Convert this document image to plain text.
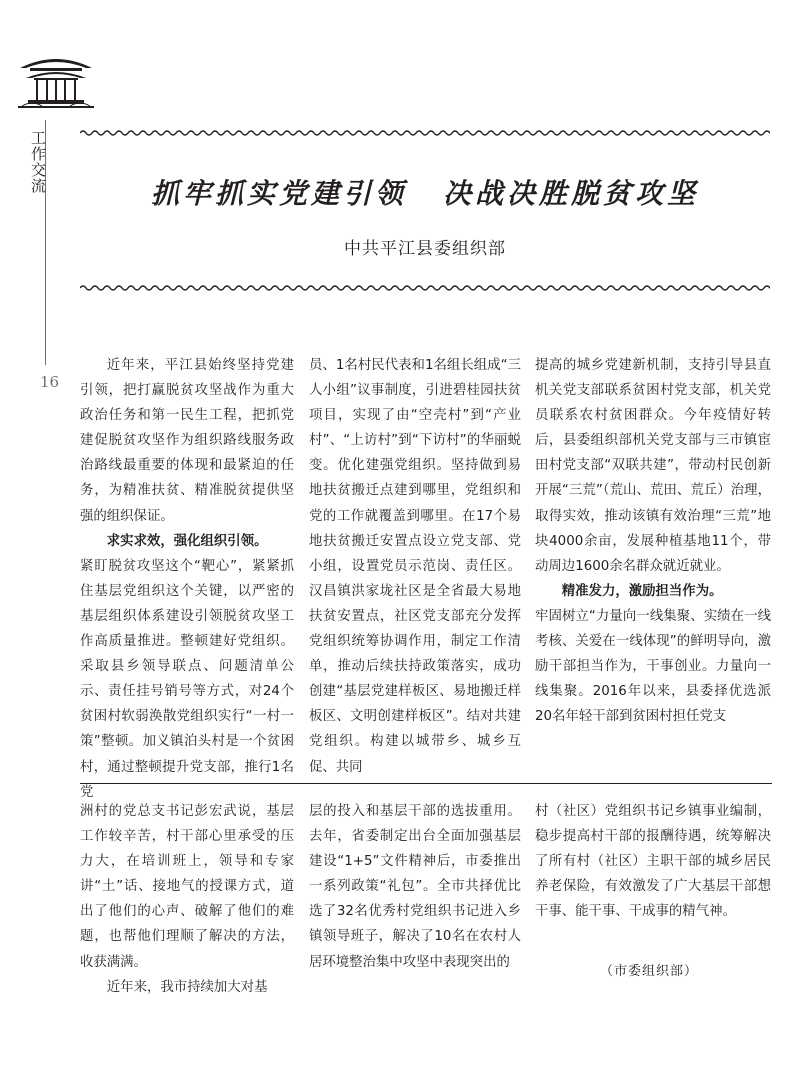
工作交流
16
抓牢抓实党建引领 决战决胜脱贫攻坚
中共平江县委组织部

近年来，平江县始终坚持党建引领，把打赢脱贫攻坚战作为重大政治任务和第一民生工程，把抓党建促脱贫攻坚作为组织路线服务政治路线最重要的体现和最紧迫的任务，为精准扶贫、精准脱贫提供坚强的组织保证。

求实求效，强化组织引领。

紧盯脱贫攻坚这个“靶心”，紧紧抓住基层党组织这个关键，以严密的基层组织体系建设引领脱贫攻坚工作高质量推进。整顿建好党组织。采取县乡领导联点、问题清单公示、责任挂号销号等方式，对24个贫困村软弱涣散党组织实行“一村一策”整顿。加义镇泊头村是一个贫困村，通过整顿提升党支部，推行1名党

员、1名村民代表和1名组长组成“三人小组”议事制度，引进碧桂园扶贫项目，实现了由“空壳村”到“产业村”、“上访村”到“下访村”的华丽蜕变。优化建强党组织。坚持做到易地扶贫搬迁点建到哪里，党组织和党的工作就覆盖到哪里。在17个易地扶贫搬迁安置点设立党支部、党小组，设置党员示范岗、责任区。汉昌镇洪家垅社区是全省最大易地扶贫安置点，社区党支部充分发挥党组织统筹协调作用，制定工作清单，推动后续扶持政策落实，成功创建“基层党建样板区、易地搬迁样板区、文明创建样板区”。结对共建党组织。构建以城带乡、城乡互促、共同

提高的城乡党建新机制，支持引导县直机关党支部联系贫困村党支部，机关党员联系农村贫困群众。今年疫情好转后，县委组织部机关党支部与三市镇宦田村党支部“双联共建”，带动村民创新开展“三荒”（荒山、荒田、荒丘）治理，取得实效，推动该镇有效治理“三荒”地块4000余亩，发展种植基地11个，带动周边1600余名群众就近就业。

精准发力，激励担当作为。

牢固树立“力量向一线集聚、实绩在一线考核、关爱在一线体现”的鲜明导向，激励干部担当作为，干事创业。力量向一线集聚。2016年以来，县委择优选派20名年轻干部到贫困村担任党支

洲村的党总支书记彭宏武说，基层工作较辛苦，村干部心里承受的压力大，在培训班上，领导和专家讲“土”话、接地气的授课方式，道出了他们的心声、破解了他们的难题，也帮他们理顺了解决的方法，收获满满。

近年来，我市持续加大对基

层的投入和基层干部的选拔重用。去年，省委制定出台全面加强基层建设“1+5”文件精神后，市委推出一系列政策“礼包”。全市共择优比选了32名优秀村党组织书记进入乡镇领导班子，解决了10名在农村人居环境整治集中攻坚中表现突出的

村（社区）党组织书记乡镇事业编制，稳步提高村干部的报酬待遇，统筹解决了所有村（社区）主职干部的城乡居民养老保险，有效激发了广大基层干部想干事、能干事、干成事的精气神。

（市委组织部）
